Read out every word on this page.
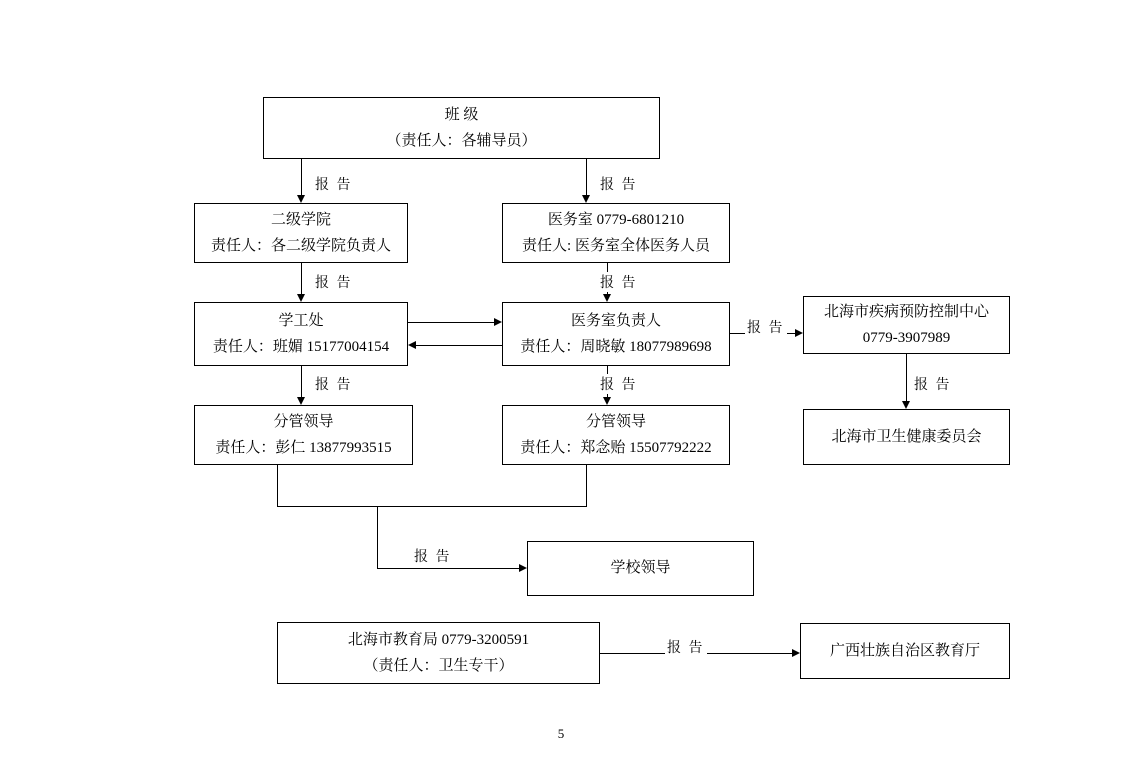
班 级
（责任人：各辅导员）
二级学院
责任人：各二级学院负责人
医务室 0779-6801210
责任人: 医务室全体医务人员
学工处
责任人：班媚 15177004154
医务室负责人
责任人：周晓敏 18077989698
北海市疾病预防控制中心
0779-3907989
北海市卫生健康委员会
分管领导
责任人：彭仁 13877993515
分管领导
责任人：郑念贻 15507792222
学校领导
北海市教育局 0779-3200591
（责任人：卫生专干）
广西壮族自治区教育厅
报 告	报 告
报 告	报 告
报 告
报 告
报 告	报 告
报 告
报 告
5
